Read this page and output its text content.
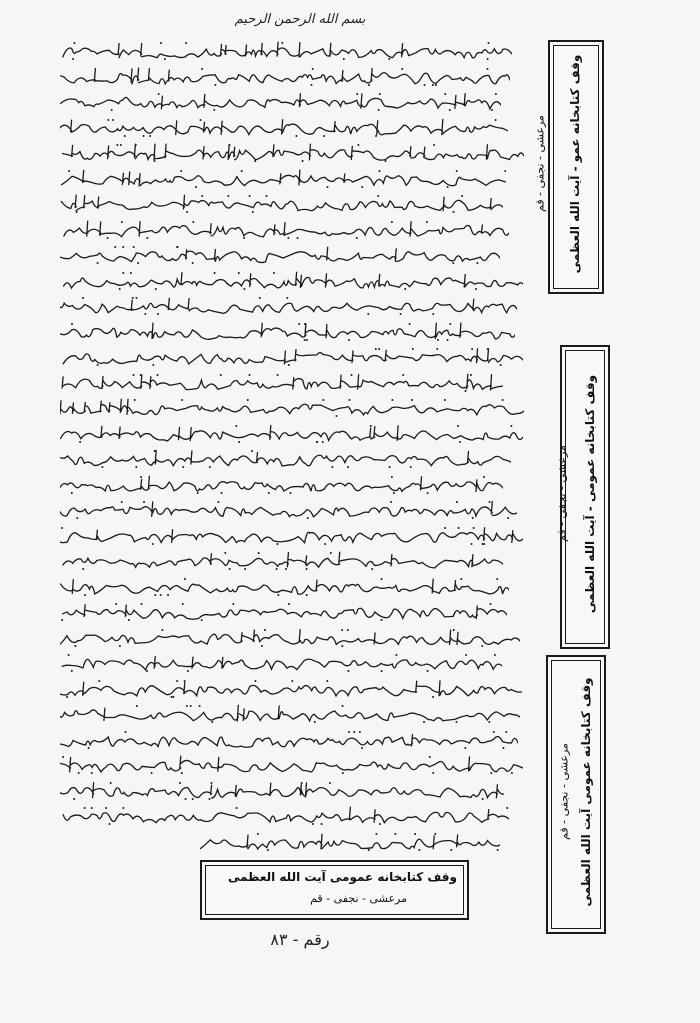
بسم الله الرحمن الرحيم
وقف کتابخانه عمو - آیت الله العظمی
مرعشی - نجفی - قم
وقف کتابخانه عمومی - آیت الله العظمی
مرعشی - نجفی - قم
وقف کتابخانه عمومی آیت الله العظمی
مرعشی - نجفی - قم
وقف کتابخانه عمومی آیت الله العظمی
مرعشی - نجفی - قم
رقم - ٨٣
